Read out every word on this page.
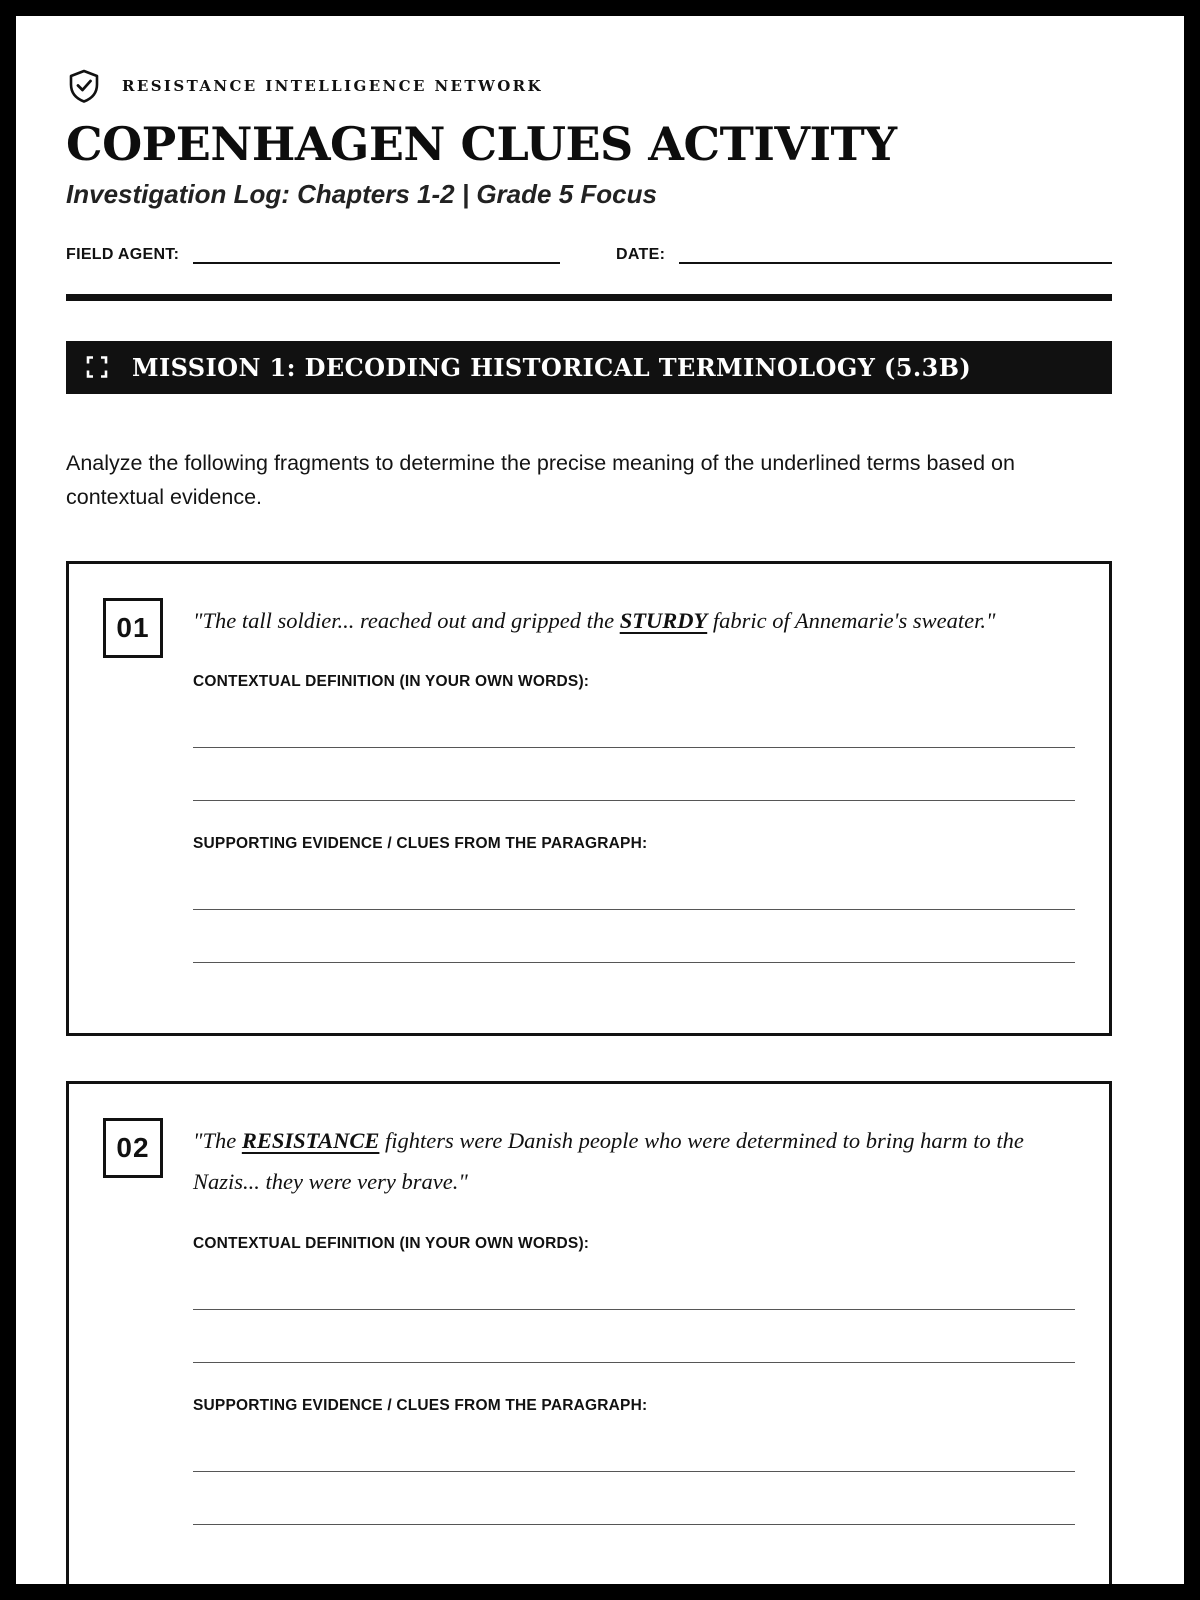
RESISTANCE INTELLIGENCE NETWORK
COPENHAGEN CLUES ACTIVITY
Investigation Log: Chapters 1-2 | Grade 5 Focus
FIELD AGENT:	DATE:
MISSION 1: DECODING HISTORICAL TERMINOLOGY (5.3B)

Analyze the following fragments to determine the precise meaning of the underlined terms based on contextual evidence.

01	"The tall soldier... reached out and gripped the STURDY fabric of Annemarie's sweater."

CONTEXTUAL DEFINITION (IN YOUR OWN WORDS):
SUPPORTING EVIDENCE / CLUES FROM THE PARAGRAPH:
02	"The RESISTANCE fighters were Danish people who were determined to bring harm to the Nazis... they were very brave."

CONTEXTUAL DEFINITION (IN YOUR OWN WORDS):
SUPPORTING EVIDENCE / CLUES FROM THE PARAGRAPH:
